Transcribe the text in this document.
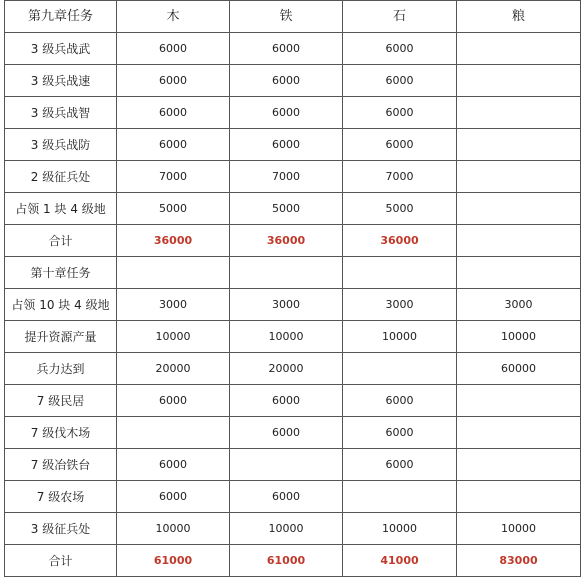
第九章任务	木	铁	石	粮
3 级兵战武	6000	6000	6000	
3 级兵战速	6000	6000	6000	
3 级兵战智	6000	6000	6000	
3 级兵战防	6000	6000	6000	
2 级征兵处	7000	7000	7000	
占领 1 块 4 级地	5000	5000	5000	
合计	36000	36000	36000	
第十章任务				
占领 10 块 4 级地	3000	3000	3000	3000
提升资源产量	10000	10000	10000	10000
兵力达到	20000	20000		60000
7 级民居	6000	6000	6000	
7 级伐木场		6000	6000	
7 级冶铁台	6000		6000	
7 级农场	6000	6000		
3 级征兵处	10000	10000	10000	10000
合计	61000	61000	41000	83000
